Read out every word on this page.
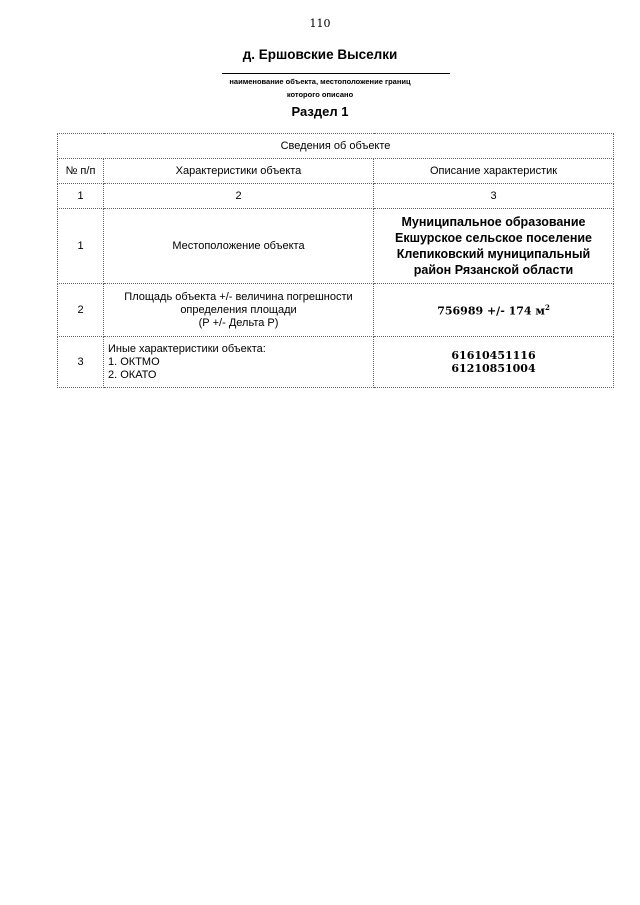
110
д. Ершовские Выселки
наименование объекта, местоположение границ
которого описано
Раздел 1
Сведения об объекте		
№ п/п	Характеристики объекта	Описание характеристик
1	2	3
1	Местоположение объекта	Муниципальное образование
Екшурское сельское поселение
Клепиковский муниципальный
район Рязанской области

2	Площадь объекта +/- величина погрешности
определения площади
(Р +/- Дельта Р)	756989 +/- 174 $м^2$
3	Иные характеристики объекта:
1. ОКТМО
2. ОКАТО	61610451116
61210851004
